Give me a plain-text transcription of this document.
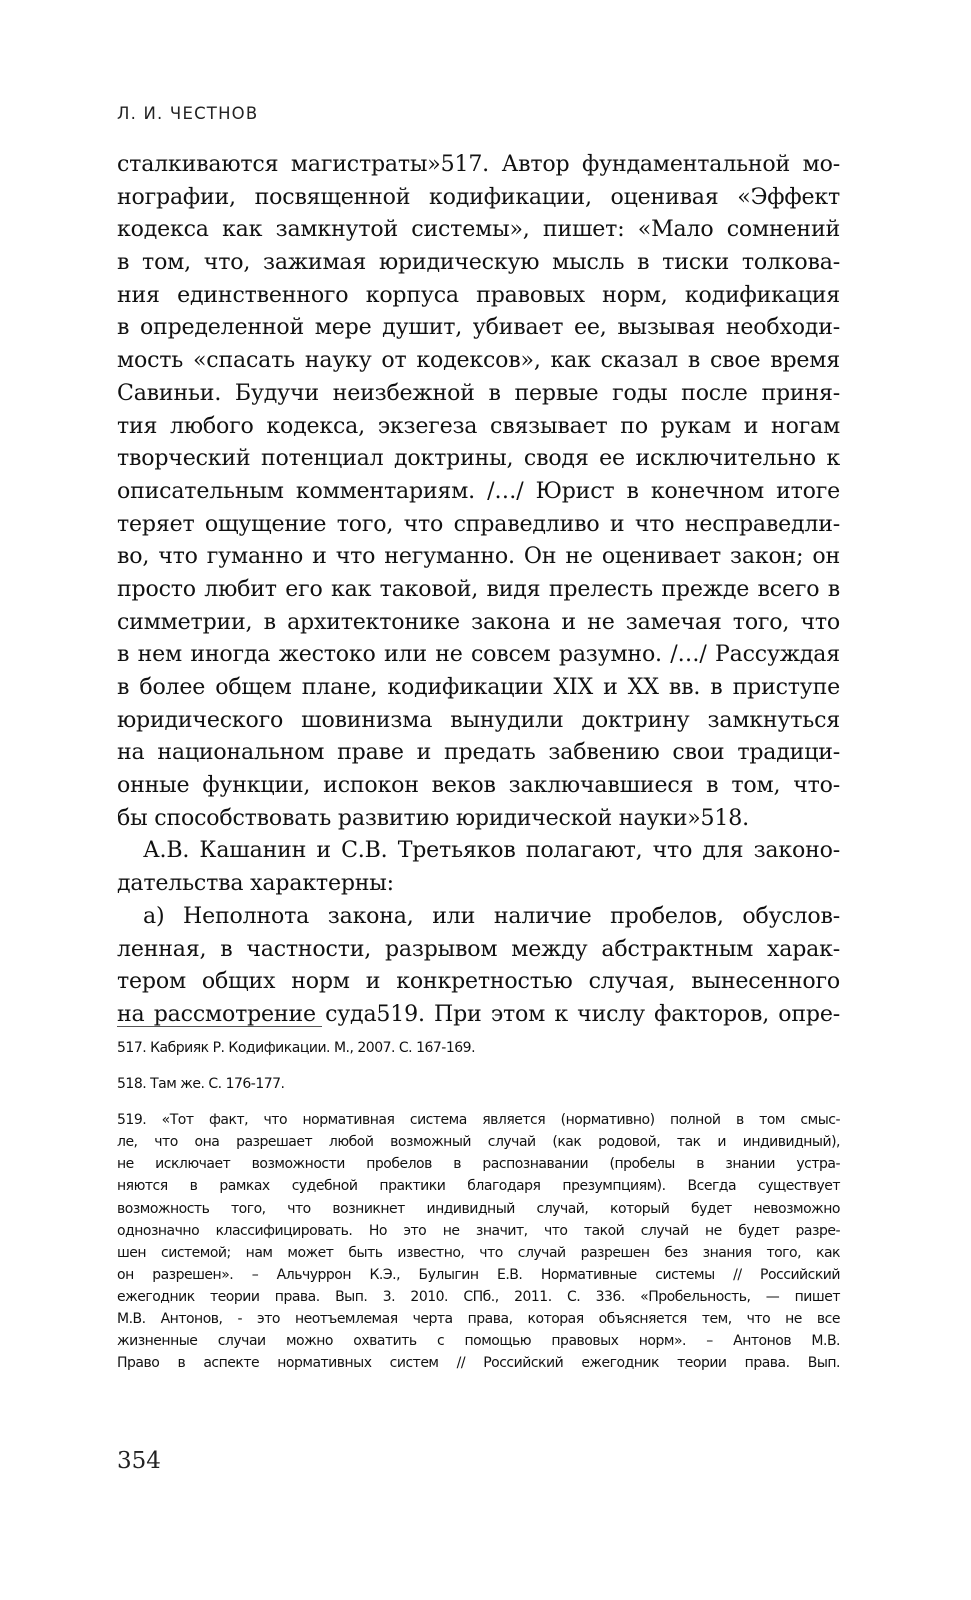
Л. И. ЧЕСТНОВ
сталкиваются магистраты»517. Автор фундаментальной мо-
нографии, посвященной кодификации, оценивая «Эффект
кодекса как замкнутой системы», пишет: «Мало сомнений
в том, что, зажимая юридическую мысль в тиски толкова-
ния единственного корпуса правовых норм, кодификация
в определенной мере душит, убивает ее, вызывая необходи-
мость «спасать науку от кодексов», как сказал в свое время
Савиньи. Будучи неизбежной в первые годы после приня-
тия любого кодекса, экзегеза связывает по рукам и ногам
творческий потенциал доктрины, сводя ее исключительно к
описательным комментариям. /…/ Юрист в конечном итоге
теряет ощущение того, что справедливо и что несправедли-
во, что гуманно и что негуманно. Он не оценивает закон; он
просто любит его как таковой, видя прелесть прежде всего в
симметрии, в архитектонике закона и не замечая того, что
в нем иногда жестоко или не совсем разумно. /…/ Рассуждая
в более общем плане, кодификации XIX и XX вв. в приступе
юридического шовинизма вынудили доктрину замкнуться
на национальном праве и предать забвению свои традици-
онные функции, испокон веков заключавшиеся в том, что-
бы способствовать развитию юридической науки»518.
А.В. Кашанин и С.В. Третьяков полагают, что для законо-
дательства характерны:
а) Неполнота закона, или наличие пробелов, обуслов-
ленная, в частности, разрывом между абстрактным харак-
тером общих норм и конкретностью случая, вынесенного
на рассмотрение суда519. При этом к числу факторов, опре-
517. Кабрияк Р. Кодификации. М., 2007. С. 167-169.
518. Там же. С. 176-177.
519. «Тот факт, что нормативная система является (нормативно) полной в том смыс-
ле, что она разрешает любой возможный случай (как родовой, так и индивидный),
не исключает возможности пробелов в распознавании (пробелы в знании устра-
няются в рамках судебной практики благодаря презумпциям). Всегда существует
возможность того, что возникнет индивидный случай, который будет невозможно
однозначно классифицировать. Но это не значит, что такой случай не будет разре-
шен системой; нам может быть известно, что случай разрешен без знания того, как
он разрешен». – Альчуррон К.Э., Булыгин Е.В. Нормативные системы // Российский
ежегодник теории права. Вып. 3. 2010. СПб., 2011. С. 336. «Пробельность, — пишет
М.В. Антонов, - это неотъемлемая черта права, которая объясняется тем, что не все
жизненные случаи можно охватить с помощью правовых норм». – Антонов М.В.
Право в аспекте нормативных систем // Российский ежегодник теории права. Вып.
354
